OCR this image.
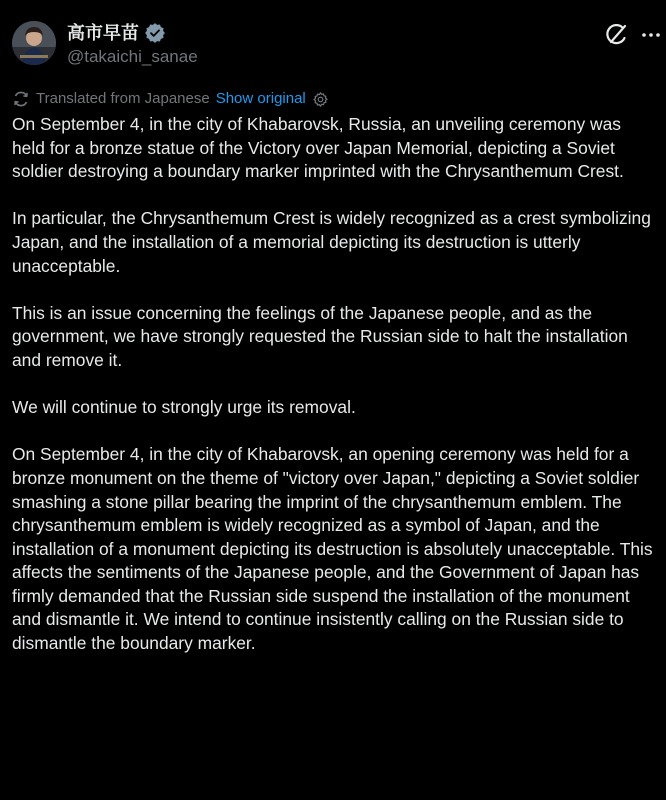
高市早苗
@takaichi_sanae
Translated from Japanese Show original

On September 4, in the city of Khabarovsk, Russia, an unveiling ceremony was held for a bronze statue of the Victory over Japan Memorial, depicting a Soviet soldier destroying a boundary marker imprinted with the Chrysanthemum Crest.

In particular, the Chrysanthemum Crest is widely recognized as a crest symbolizing Japan, and the installation of a memorial depicting its destruction is utterly unacceptable.

This is an issue concerning the feelings of the Japanese people, and as the government, we have strongly requested the Russian side to halt the installation and remove it.

We will continue to strongly urge its removal.

On September 4, in the city of Khabarovsk, an opening ceremony was held for a bronze monument on the theme of "victory over Japan," depicting a Soviet soldier smashing a stone pillar bearing the imprint of the chrysanthemum emblem. The chrysanthemum emblem is widely recognized as a symbol of Japan, and the installation of a monument depicting its destruction is absolutely unacceptable. This affects the sentiments of the Japanese people, and the Government of Japan has firmly demanded that the Russian side suspend the installation of the monument and dismantle it. We intend to continue insistently calling on the Russian side to dismantle the boundary marker.
